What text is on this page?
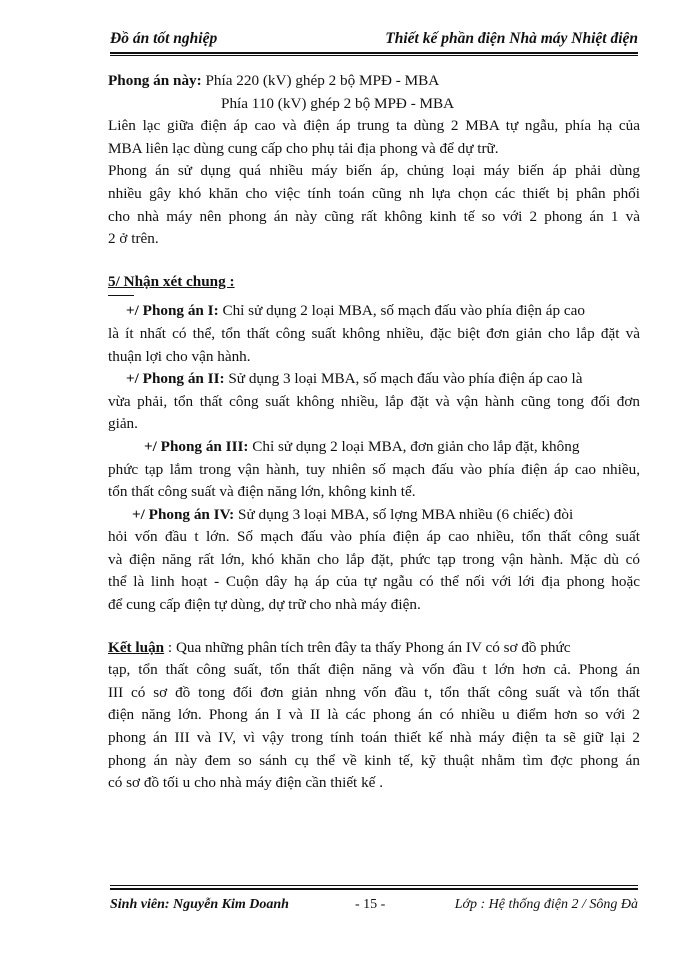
Đồ án tốt nghiệp	Thiết kế phần điện Nhà máy Nhiệt điện
Phong án này: Phía 220 (kV) ghép 2 bộ MPĐ - MBA
Phía 110 (kV) ghép 2 bộ MPĐ - MBA
Liên lạc giữa điện áp cao và điện áp trung ta dùng 2 MBA tự ngẫu, phía hạ của
MBA liên lạc dùng cung cấp cho phụ tải địa phong và để dự trữ.
Phong án sử dụng quá nhiều máy biến áp, chủng loại máy biến áp phải dùng
nhiều gây khó khăn cho việc tính toán cũng nh lựa chọn các thiết bị phân phối
cho nhà máy nên phong án này cũng rất không kinh tế so với 2 phong án 1 và
2 ở trên.
5/ Nhận xét chung :
+/ Phong án I: Chỉ sử dụng 2 loại MBA, số mạch đấu vào phía điện áp cao
là ít nhất có thể, tổn thất công suất không nhiều, đặc biệt đơn giản cho lắp đặt và
thuận lợi cho vận hành.
+/ Phong án II: Sử dụng 3 loại MBA, số mạch đấu vào phía điện áp cao là
vừa phải, tổn thất công suất không nhiều, lắp đặt và vận hành cũng tong đối đơn
giản.
+/ Phong án III: Chỉ sử dụng 2 loại MBA, đơn giản cho lắp đặt, không
phức tạp lắm trong vận hành, tuy nhiên số mạch đấu vào phía điện áp cao nhiều,
tổn thất công suất và điện năng lớn, không kinh tế.
+/ Phong án IV: Sử dụng 3 loại MBA, số lợng MBA nhiều (6 chiếc) đòi
hỏi vốn đầu t lớn. Số mạch đấu vào phía điện áp cao nhiều, tổn thất công suất
và điện năng rất lớn, khó khăn cho lắp đặt, phức tạp trong vận hành. Mặc dù có
thể là linh hoạt - Cuộn dây hạ áp của tự ngẫu có thể nối với lới địa phong hoặc
để cung cấp điện tự dùng, dự trữ cho nhà máy điện.
Kết luận : Qua những phân tích trên đây ta thấy Phong án IV có sơ đồ phức
tạp, tổn thất công suất, tổn thất điện năng và vốn đầu t lớn hơn cả. Phong án
III có sơ đồ tong đối đơn giản nhng vốn đầu t, tổn thất công suất và tổn thất
điện năng lớn. Phong án I và II là các phong án có nhiều u điểm hơn so với 2
phong án III và IV, vì vậy trong tính toán thiết kế nhà máy điện ta sẽ giữ lại 2
phong án này đem so sánh cụ thể về kinh tế, kỹ thuật nhằm tìm đợc phong án
có sơ đồ tối u cho nhà máy điện cần thiết kế .
Sinh viên: Nguyễn Kim Doanh	- 15 -	Lớp : Hệ thống điện 2 / Sông Đà
